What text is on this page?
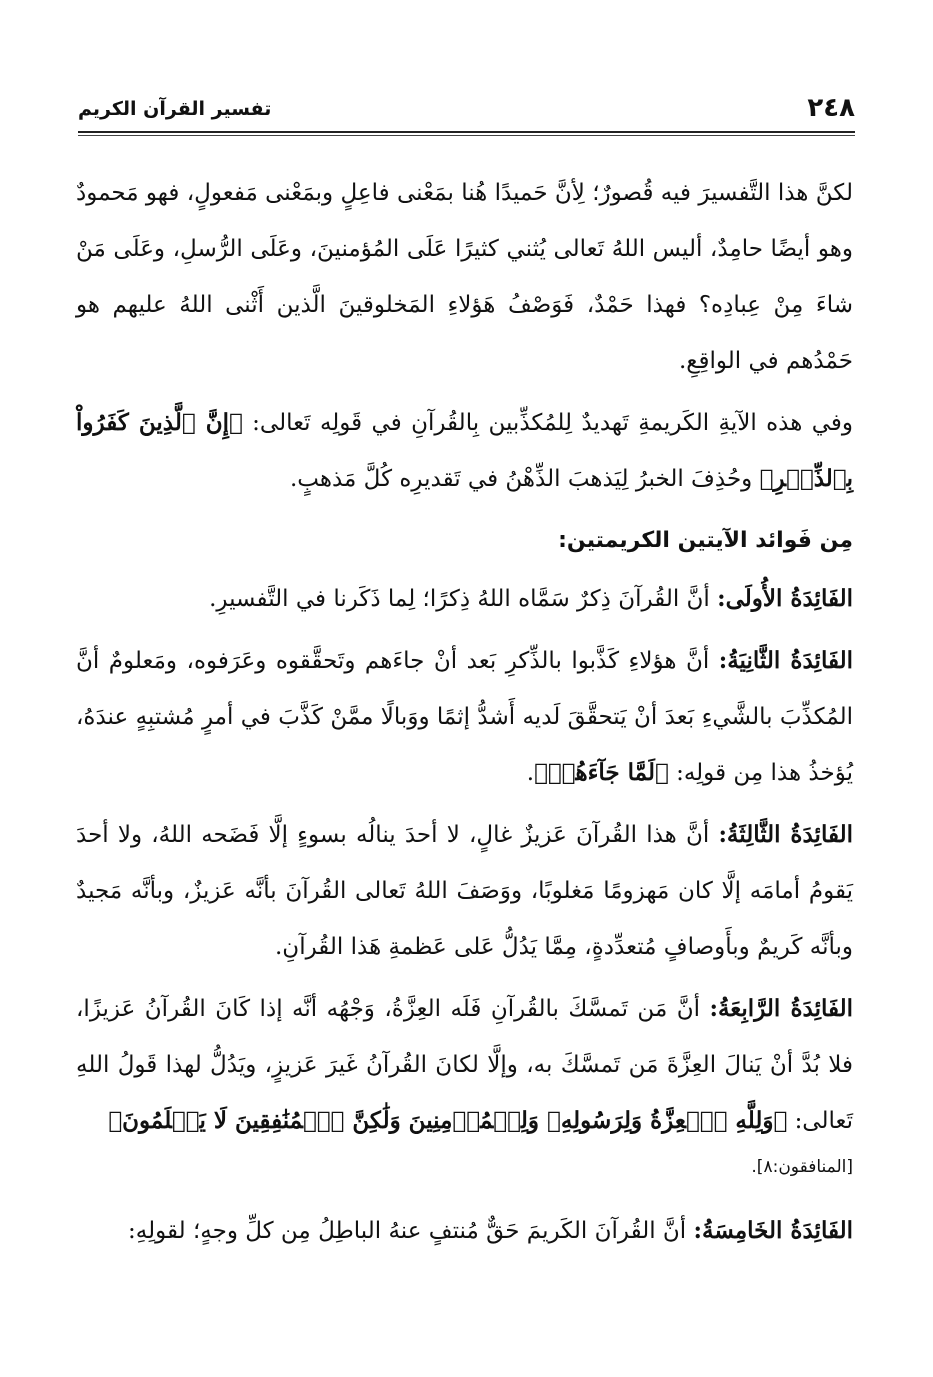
٢٤٨
تفسير القرآن الكريم

لكنَّ هذا التَّفسيرَ فيه قُصورٌ؛ لِأنَّ حَميدًا هُنا بمَعْنى فاعِلٍ وبمَعْنى مَفعولٍ، فهو مَحمودٌ وهو أيضًا حامِدٌ، أليس اللهُ تَعالى يُثني كثيرًا عَلَى المُؤمنينَ، وعَلَى الرُّسلِ، وعَلَى مَنْ شاءَ مِنْ عِبادِه؟ فهذا حَمْدٌ، فَوَصْفُ هَؤلاءِ المَخلوقينَ الَّذين أَثْنى اللهُ عليهم هو حَمْدُهم في الواقِعِ.

وفي هذه الآيةِ الكَريمةِ تَهديدٌ لِلمُكذِّبين بِالقُرآنِ في قَولِه تَعالى: ﴿إِنَّ ٱلَّذِينَ كَفَرُواْ بِٱلذِّكۡرِ﴾ وحُذِفَ الخبرُ لِيَذهبَ الذِّهْنُ في تَقديرِه كُلَّ مَذهبٍ.

مِن فَوائد الآيتين الكريمتين:

الفَائِدَةُ الأُولَى: أنَّ القُرآنَ ذِكرٌ سَمَّاه اللهُ ذِكرًا؛ لِما ذَكَرنا في التَّفسيرِ.

الفَائِدَةُ الثَّانِيَةُ: أنَّ هؤلاءِ كَذَّبوا بالذِّكرِ بَعد أنْ جاءَهم وتَحقَّقوه وعَرَفوه، ومَعلومٌ أنَّ المُكذِّبَ بالشَّيءِ بَعدَ أنْ يَتحقَّقَ لَديه أَشدُّ إثمًا ووَبالًا ممَّنْ كَذَّبَ في أمرٍ مُشتبِهٍ عندَهُ، يُؤخذُ هذا مِن قولِه: ﴿لَمَّا جَآءَهُمۡ﴾.

الفَائِدَةُ الثَّالِثَةُ: أنَّ هذا القُرآنَ عَزيزٌ غالٍ، لا أحدَ ينالُه بسوءٍ إلَّا فَضَحه اللهُ، ولا أحدَ يَقومُ أمامَه إلَّا كان مَهزومًا مَغلوبًا، ووَصَفَ اللهُ تَعالى القُرآنَ بأنَّه عَزيزٌ، وبأنَّه مَجيدٌ وبأنَّه كَريمٌ وبأَوصافٍ مُتعدِّدةٍ، مِمَّا يَدُلُّ عَلى عَظمةِ هَذا القُرآنِ.

الفَائِدَةُ الرَّابِعَةُ: أنَّ مَن تَمسَّكَ بالقُرآنِ فَلَه العِزَّةُ، وَجْهُه أنَّه إذا كَانَ القُرآنُ عَزيزًا، فلا بُدَّ أنْ يَنالَ العِزَّةَ مَن تَمسَّكَ به، وإلَّا لكانَ القُرآنُ غَيرَ عَزيزٍ، ويَدُلُّ لهذا قَولُ اللهِ تَعالى: ﴿وَلِلَّهِ ٱلۡعِزَّةُ وَلِرَسُولِهِۦ وَلِلۡمُؤۡمِنِينَ وَلَٰكِنَّ ٱلۡمُنَٰفِقِينَ لَا يَعۡلَمُونَ﴾

[المنافقون:٨].

الفَائِدَةُ الخَامِسَةُ: أنَّ القُرآنَ الكَريمَ حَقٌّ مُنتفٍ عنهُ الباطِلُ مِن كلِّ وجهٍ؛ لقولِهِ:
